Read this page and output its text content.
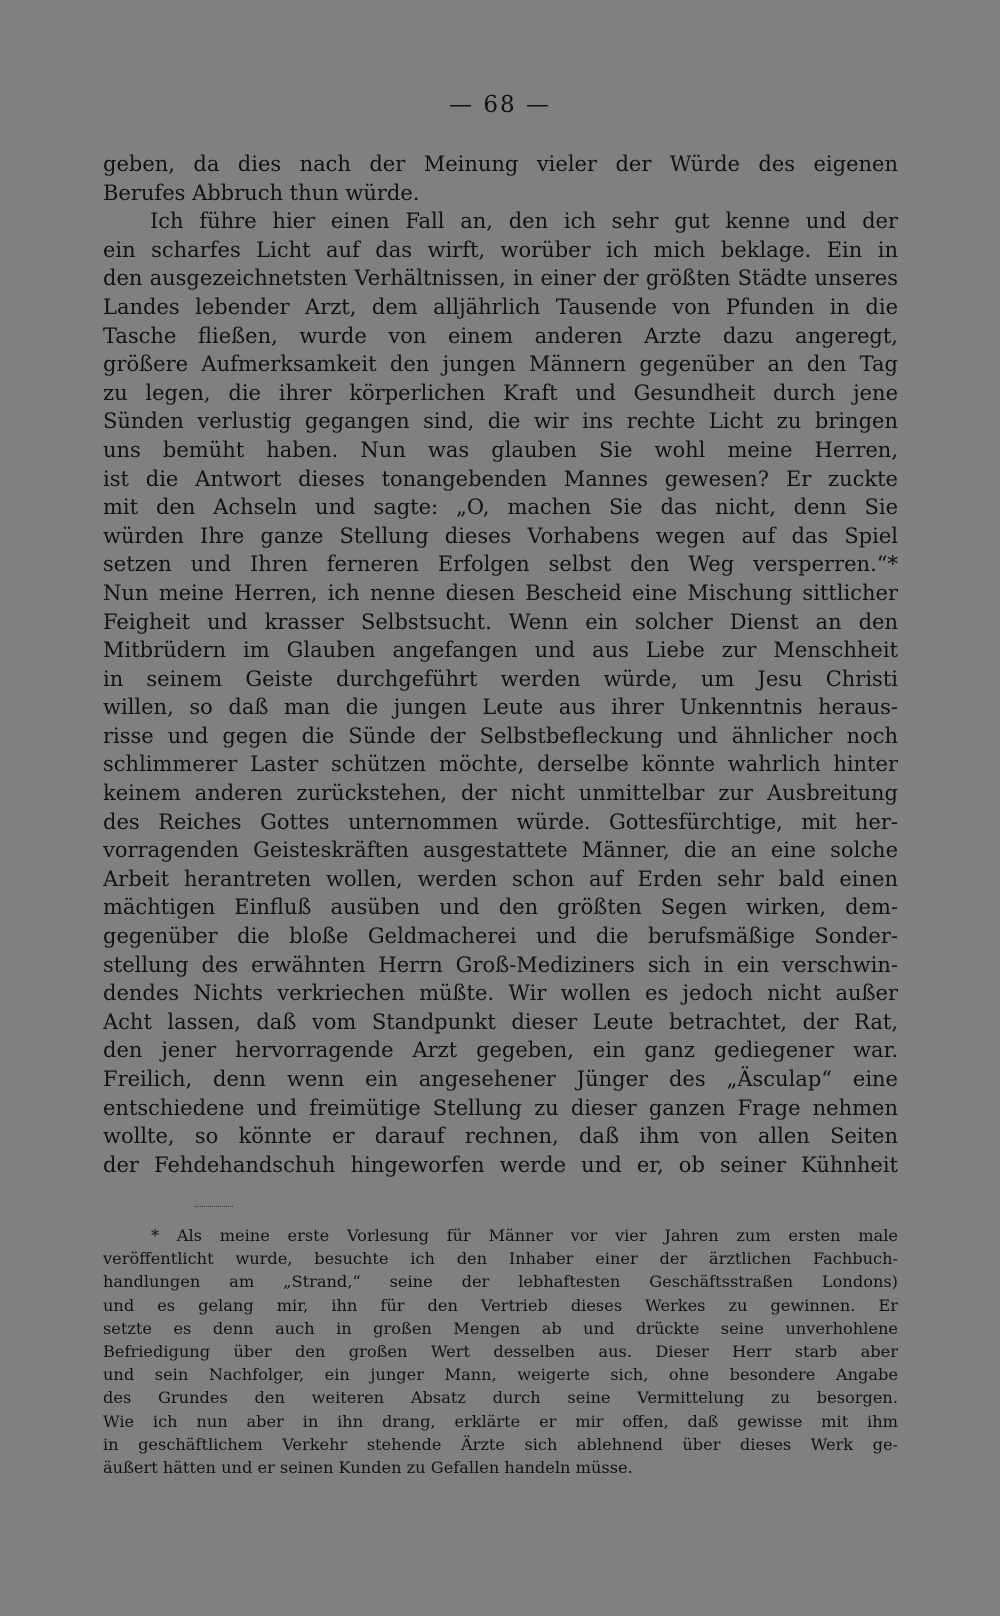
— 68 —
geben, da dies nach der Meinung vieler der Würde des eigenen
Berufes Abbruch thun würde.
Ich führe hier einen Fall an, den ich sehr gut kenne und der
ein scharfes Licht auf das wirft, worüber ich mich beklage. Ein in
den ausgezeichnetsten Verhältnissen, in einer der größten Städte unseres
Landes lebender Arzt, dem alljährlich Tausende von Pfunden in die
Tasche fließen, wurde von einem anderen Arzte dazu angeregt,
größere Aufmerksamkeit den jungen Männern gegenüber an den Tag
zu legen, die ihrer körperlichen Kraft und Gesundheit durch jene
Sünden verlustig gegangen sind, die wir ins rechte Licht zu bringen
uns bemüht haben. Nun was glauben Sie wohl meine Herren,
ist die Antwort dieses tonangebenden Mannes gewesen? Er zuckte
mit den Achseln und sagte: „O, machen Sie das nicht, denn Sie
würden Ihre ganze Stellung dieses Vorhabens wegen auf das Spiel
setzen und Ihren ferneren Erfolgen selbst den Weg versperren.“*
Nun meine Herren, ich nenne diesen Bescheid eine Mischung sittlicher
Feigheit und krasser Selbstsucht. Wenn ein solcher Dienst an den
Mitbrüdern im Glauben angefangen und aus Liebe zur Menschheit
in seinem Geiste durchgeführt werden würde, um Jesu Christi
willen, so daß man die jungen Leute aus ihrer Unkenntnis heraus-
risse und gegen die Sünde der Selbstbefleckung und ähnlicher noch
schlimmerer Laster schützen möchte, derselbe könnte wahrlich hinter
keinem anderen zurückstehen, der nicht unmittelbar zur Ausbreitung
des Reiches Gottes unternommen würde. Gottesfürchtige, mit her-
vorragenden Geisteskräften ausgestattete Männer, die an eine solche
Arbeit herantreten wollen, werden schon auf Erden sehr bald einen
mächtigen Einfluß ausüben und den größten Segen wirken, dem-
gegenüber die bloße Geldmacherei und die berufsmäßige Sonder-
stellung des erwähnten Herrn Groß-Mediziners sich in ein verschwin-
dendes Nichts verkriechen müßte. Wir wollen es jedoch nicht außer
Acht lassen, daß vom Standpunkt dieser Leute betrachtet, der Rat,
den jener hervorragende Arzt gegeben, ein ganz gediegener war.
Freilich, denn wenn ein angesehener Jünger des „Äsculap“ eine
entschiedene und freimütige Stellung zu dieser ganzen Frage nehmen
wollte, so könnte er darauf rechnen, daß ihm von allen Seiten
der Fehdehandschuh hingeworfen werde und er, ob seiner Kühnheit
* Als meine erste Vorlesung für Männer vor vier Jahren zum ersten male
veröffentlicht wurde, besuchte ich den Inhaber einer der ärztlichen Fachbuch-
handlungen am „Strand,“ seine der lebhaftesten Geschäftsstraßen Londons)
und es gelang mir, ihn für den Vertrieb dieses Werkes zu gewinnen. Er
setzte es denn auch in großen Mengen ab und drückte seine unverhohlene
Befriedigung über den großen Wert desselben aus. Dieser Herr starb aber
und sein Nachfolger, ein junger Mann, weigerte sich, ohne besondere Angabe
des Grundes den weiteren Absatz durch seine Vermittelung zu besorgen.
Wie ich nun aber in ihn drang, erklärte er mir offen, daß gewisse mit ihm
in geschäftlichem Verkehr stehende Ärzte sich ablehnend über dieses Werk ge-
äußert hätten und er seinen Kunden zu Gefallen handeln müsse.
